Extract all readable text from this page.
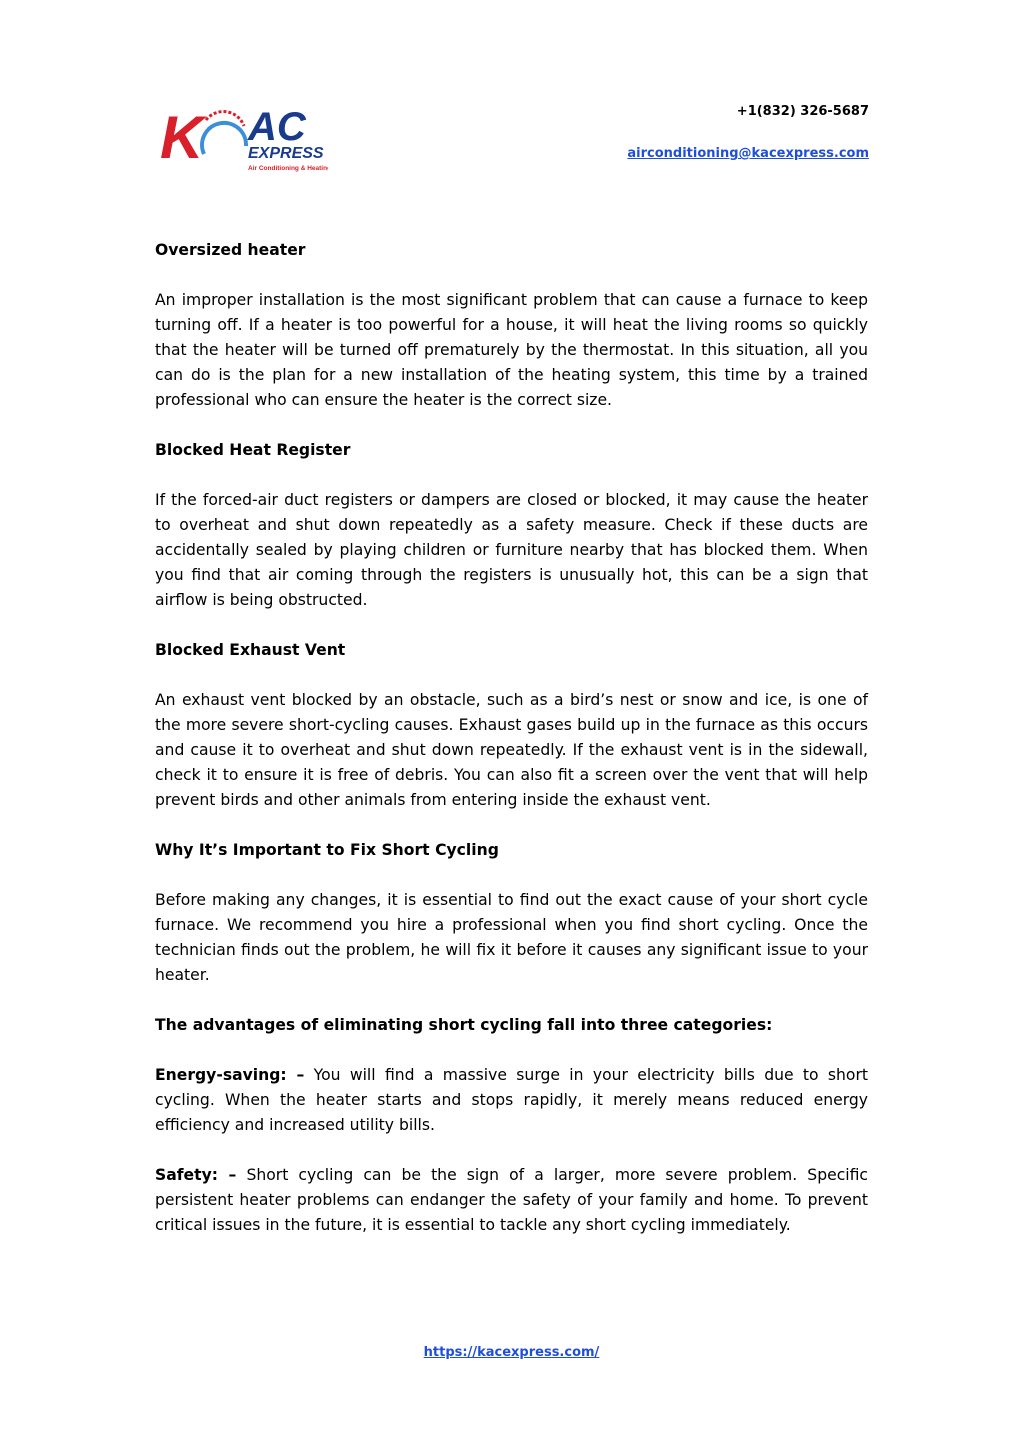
K AC
EXPRESS
Air Conditioning & Heating
+1(832) 326-5687
airconditioning@kacexpress.com
Oversized heater
An improper installation is the most significant problem that can cause a furnace to keep turning off. If a heater is too powerful for a house, it will heat the living rooms so quickly that the heater will be turned off prematurely by the thermostat. In this situation, all you can do is the plan for a new installation of the heating system, this time by a trained professional who can ensure the heater is the correct size.
Blocked Heat Register
If the forced-air duct registers or dampers are closed or blocked, it may cause the heater to overheat and shut down repeatedly as a safety measure. Check if these ducts are accidentally sealed by playing children or furniture nearby that has blocked them. When you find that air coming through the registers is unusually hot, this can be a sign that airflow is being obstructed.
Blocked Exhaust Vent
An exhaust vent blocked by an obstacle, such as a bird’s nest or snow and ice, is one of the more severe short-cycling causes. Exhaust gases build up in the furnace as this occurs and cause it to overheat and shut down repeatedly. If the exhaust vent is in the sidewall, check it to ensure it is free of debris. You can also fit a screen over the vent that will help prevent birds and other animals from entering inside the exhaust vent.
Why It’s Important to Fix Short Cycling
Before making any changes, it is essential to find out the exact cause of your short cycle furnace. We recommend you hire a professional when you find short cycling. Once the technician finds out the problem, he will fix it before it causes any significant issue to your heater.
The advantages of eliminating short cycling fall into three categories:
Energy-saving: – You will find a massive surge in your electricity bills due to short cycling. When the heater starts and stops rapidly, it merely means reduced energy efficiency and increased utility bills.
Safety: – Short cycling can be the sign of a larger, more severe problem. Specific persistent heater problems can endanger the safety of your family and home. To prevent critical issues in the future, it is essential to tackle any short cycling immediately.
https://kacexpress.com/
